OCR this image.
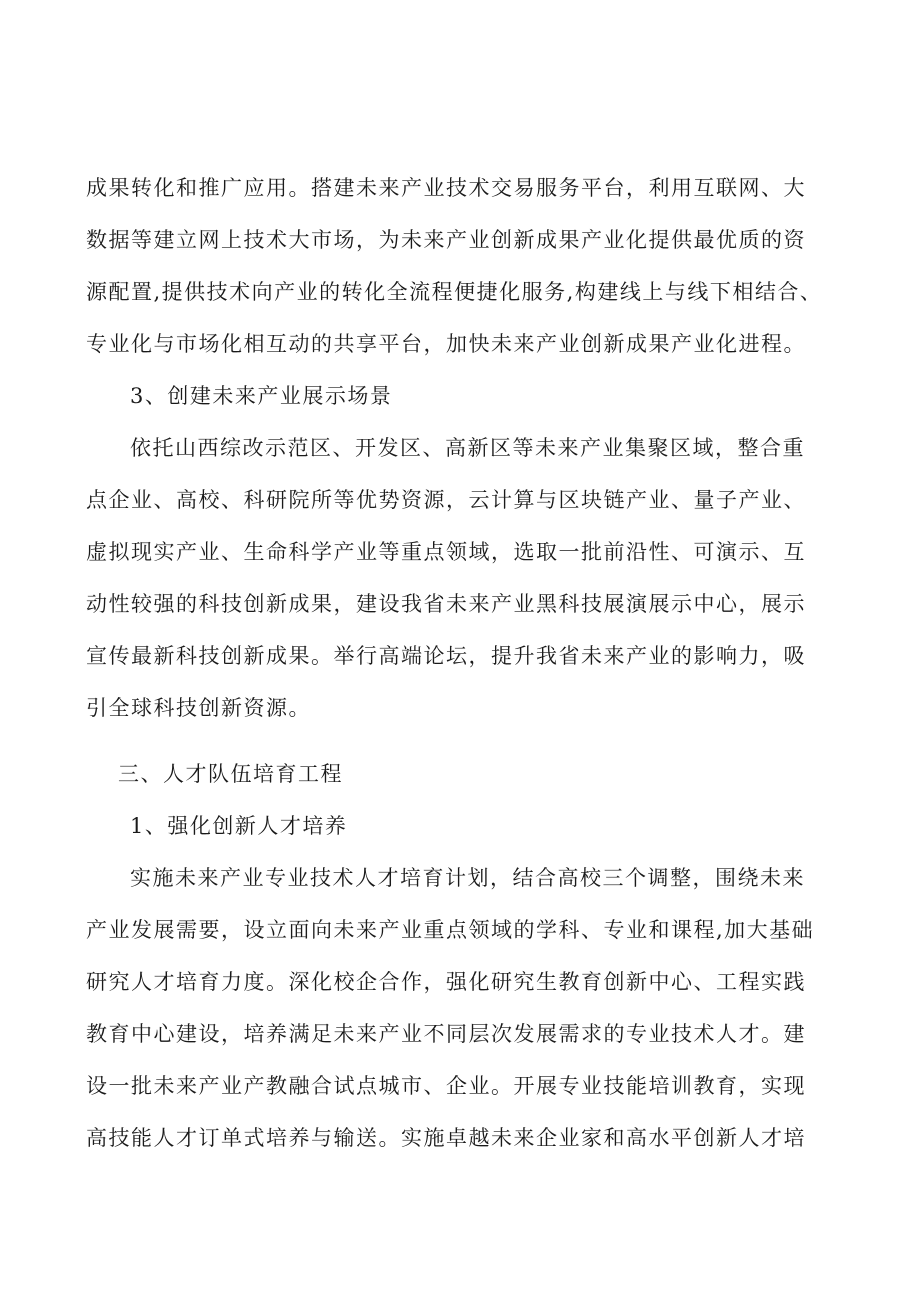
成果转化和推广应用。搭建未来产业技术交易服务平台，利用互联网、大
数据等建立网上技术大市场，为未来产业创新成果产业化提供最优质的资
源配置,提供技术向产业的转化全流程便捷化服务,构建线上与线下相结合、
专业化与市场化相互动的共享平台，加快未来产业创新成果产业化进程。
3、创建未来产业展示场景
依托山西综改示范区、开发区、高新区等未来产业集聚区域，整合重
点企业、高校、科研院所等优势资源，云计算与区块链产业、量子产业、
虚拟现实产业、生命科学产业等重点领域，选取一批前沿性、可演示、互
动性较强的科技创新成果，建设我省未来产业黑科技展演展示中心，展示
宣传最新科技创新成果。举行高端论坛，提升我省未来产业的影响力，吸
引全球科技创新资源。
三、人才队伍培育工程
1、强化创新人才培养
实施未来产业专业技术人才培育计划，结合高校三个调整，围绕未来
产业发展需要，设立面向未来产业重点领域的学科、专业和课程,加大基础
研究人才培育力度。深化校企合作，强化研究生教育创新中心、工程实践
教育中心建设，培养满足未来产业不同层次发展需求的专业技术人才。建
设一批未来产业产教融合试点城市、企业。开展专业技能培训教育，实现
高技能人才订单式培养与输送。实施卓越未来企业家和高水平创新人才培
